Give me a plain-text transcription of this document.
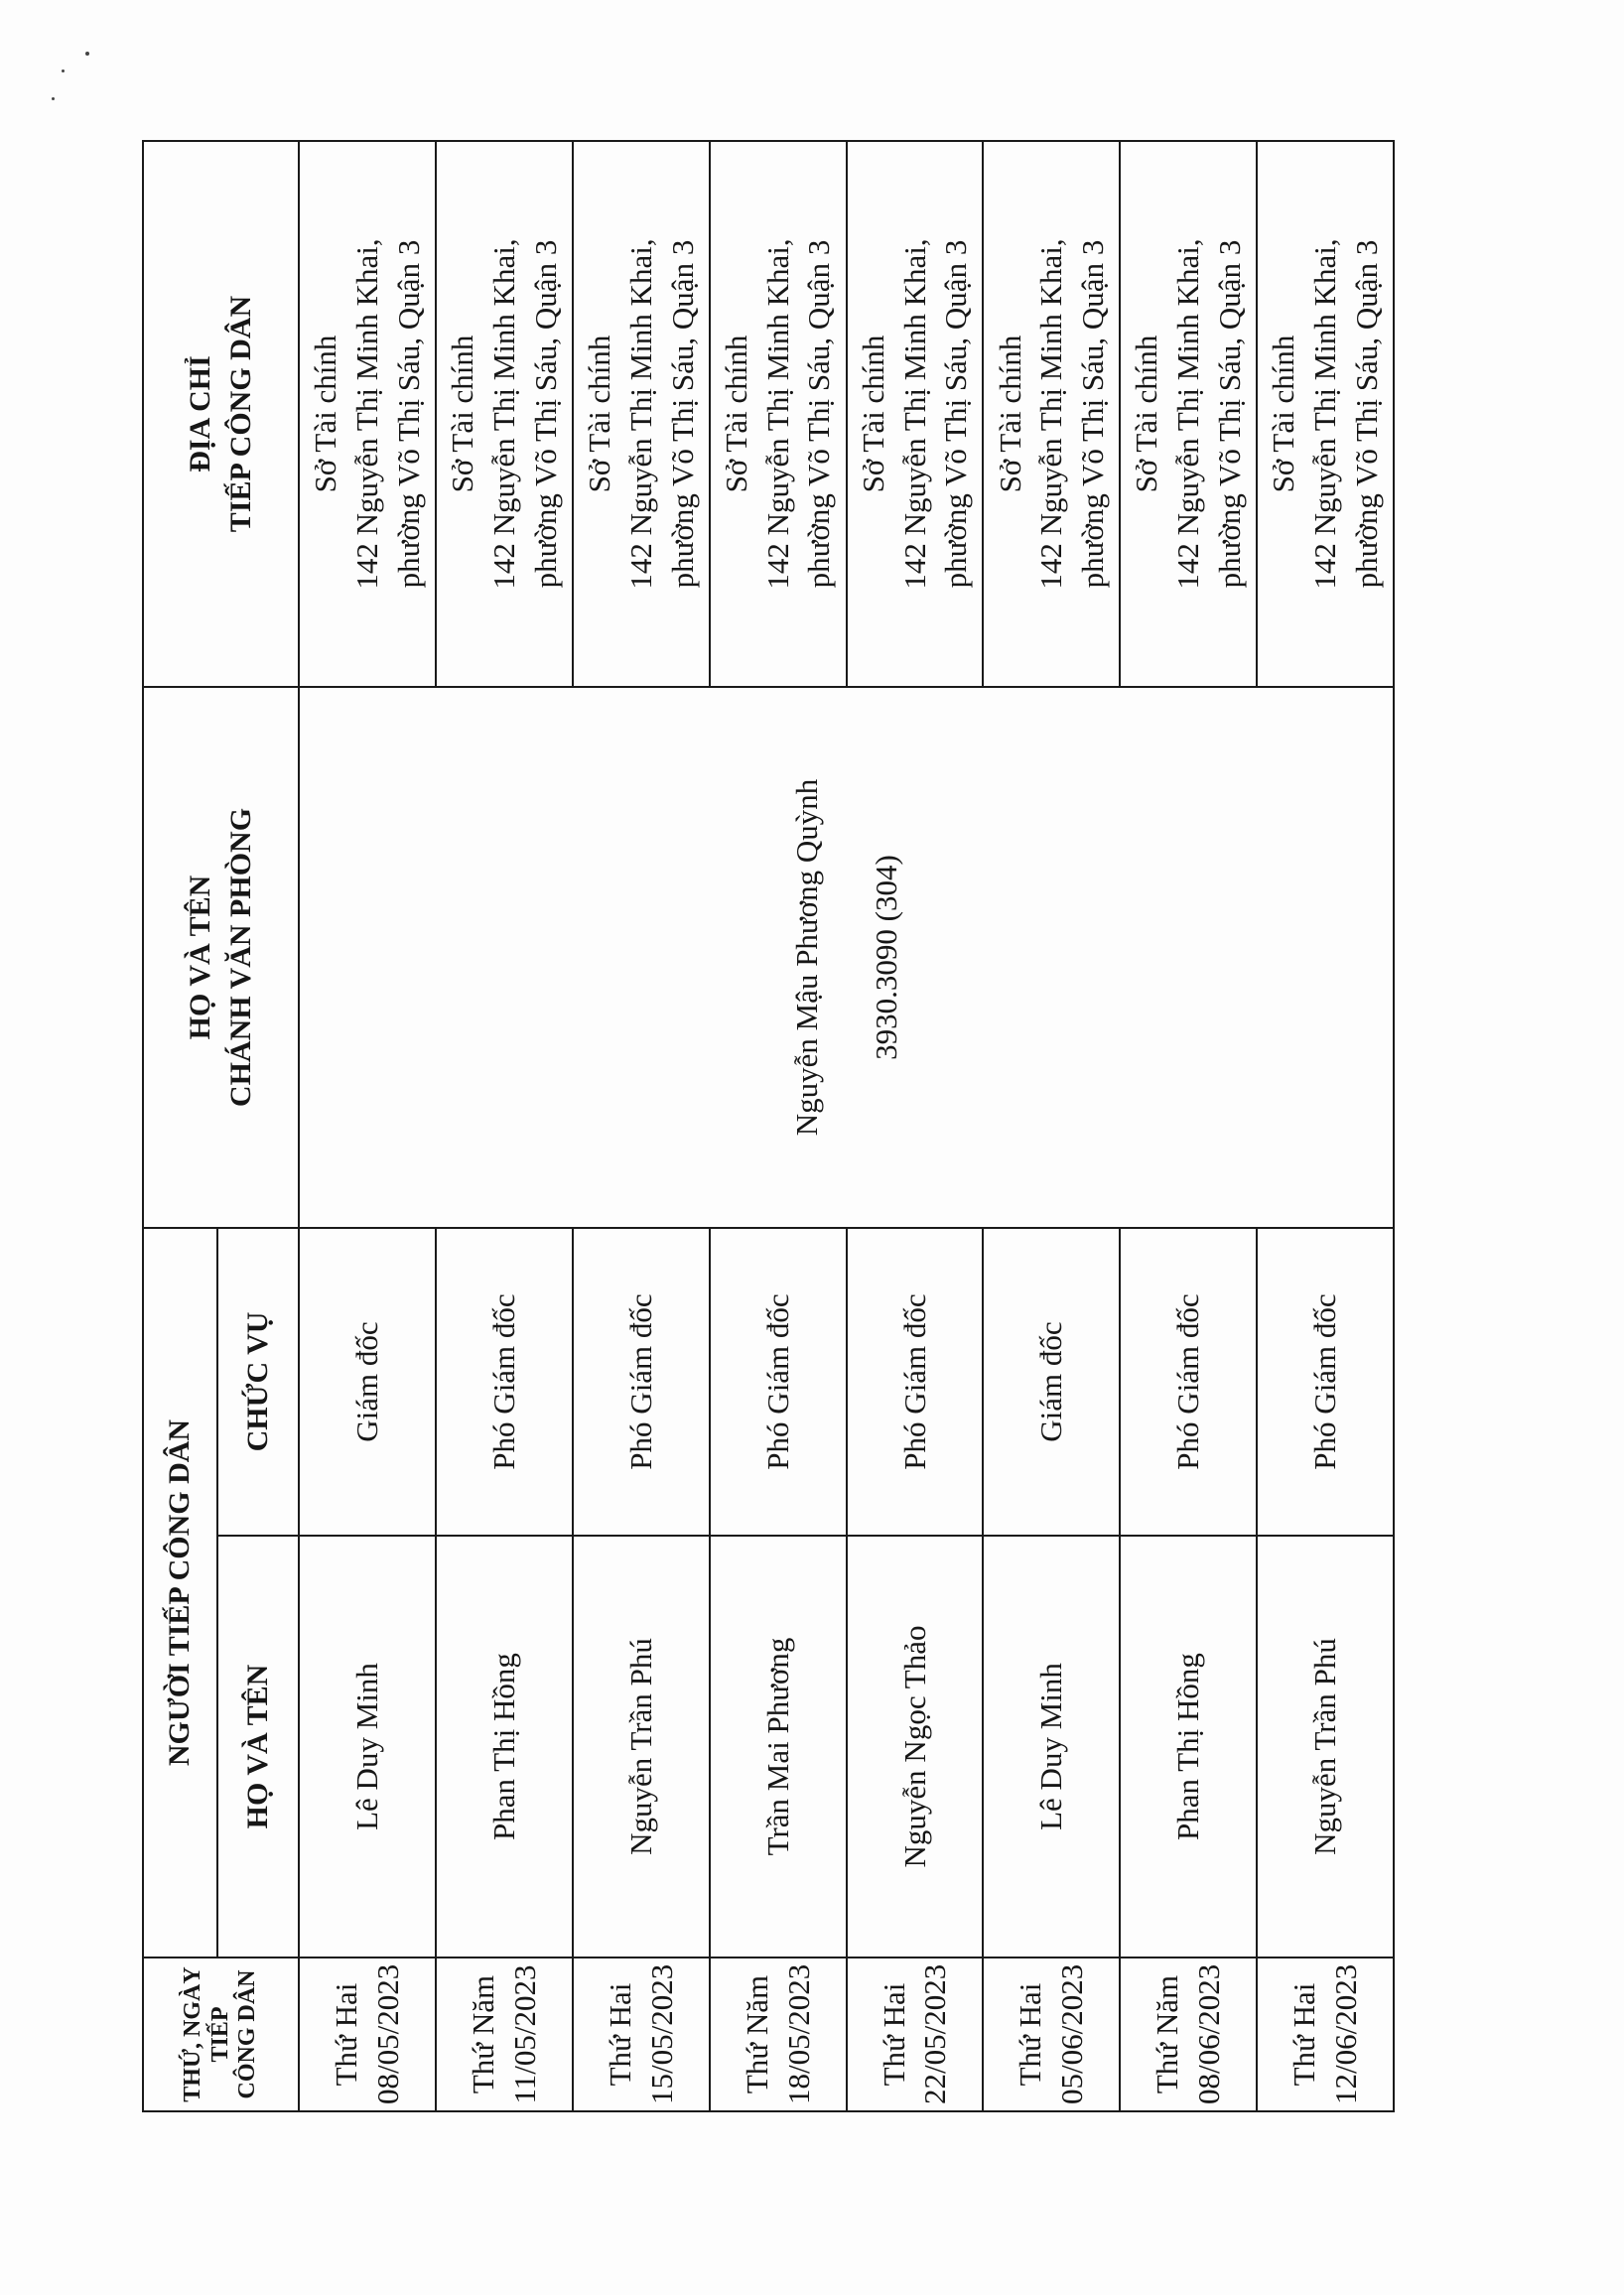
THỨ, NGÀY TIẾP CÔNG DÂN	NGƯỜI TIẾP CÔNG DÂN		HỌ VÀ TÊN CHÁNH VĂN PHÒNG	ĐỊA CHỈ TIẾP CÔNG DÂN

	HỌ VÀ TÊN	CHỨC VỤ		

Thứ Hai 08/05/2023	Lê Duy Minh	Giám đốc	Nguyễn Mậu Phương Quỳnh 3930.3090 (304)	Sở Tài chính 142 Nguyễn Thị Minh Khai, phường Võ Thị Sáu, Quận 3

Thứ Năm 11/05/2023	Phan Thị Hồng	Phó Giám đốc		Sở Tài chính 142 Nguyễn Thị Minh Khai, phường Võ Thị Sáu, Quận 3

Thứ Hai 15/05/2023	Nguyễn Trần Phú	Phó Giám đốc		Sở Tài chính 142 Nguyễn Thị Minh Khai, phường Võ Thị Sáu, Quận 3

Thứ Năm 18/05/2023	Trần Mai Phương	Phó Giám đốc		Sở Tài chính 142 Nguyễn Thị Minh Khai, phường Võ Thị Sáu, Quận 3

Thứ Hai 22/05/2023	Nguyễn Ngọc Thảo	Phó Giám đốc		Sở Tài chính 142 Nguyễn Thị Minh Khai, phường Võ Thị Sáu, Quận 3

Thứ Hai 05/06/2023	Lê Duy Minh	Giám đốc		Sở Tài chính 142 Nguyễn Thị Minh Khai, phường Võ Thị Sáu, Quận 3

Thứ Năm 08/06/2023	Phan Thị Hồng	Phó Giám đốc		Sở Tài chính 142 Nguyễn Thị Minh Khai, phường Võ Thị Sáu, Quận 3

Thứ Hai 12/06/2023	Nguyễn Trần Phú	Phó Giám đốc		Sở Tài chính 142 Nguyễn Thị Minh Khai, phường Võ Thị Sáu, Quận 3
